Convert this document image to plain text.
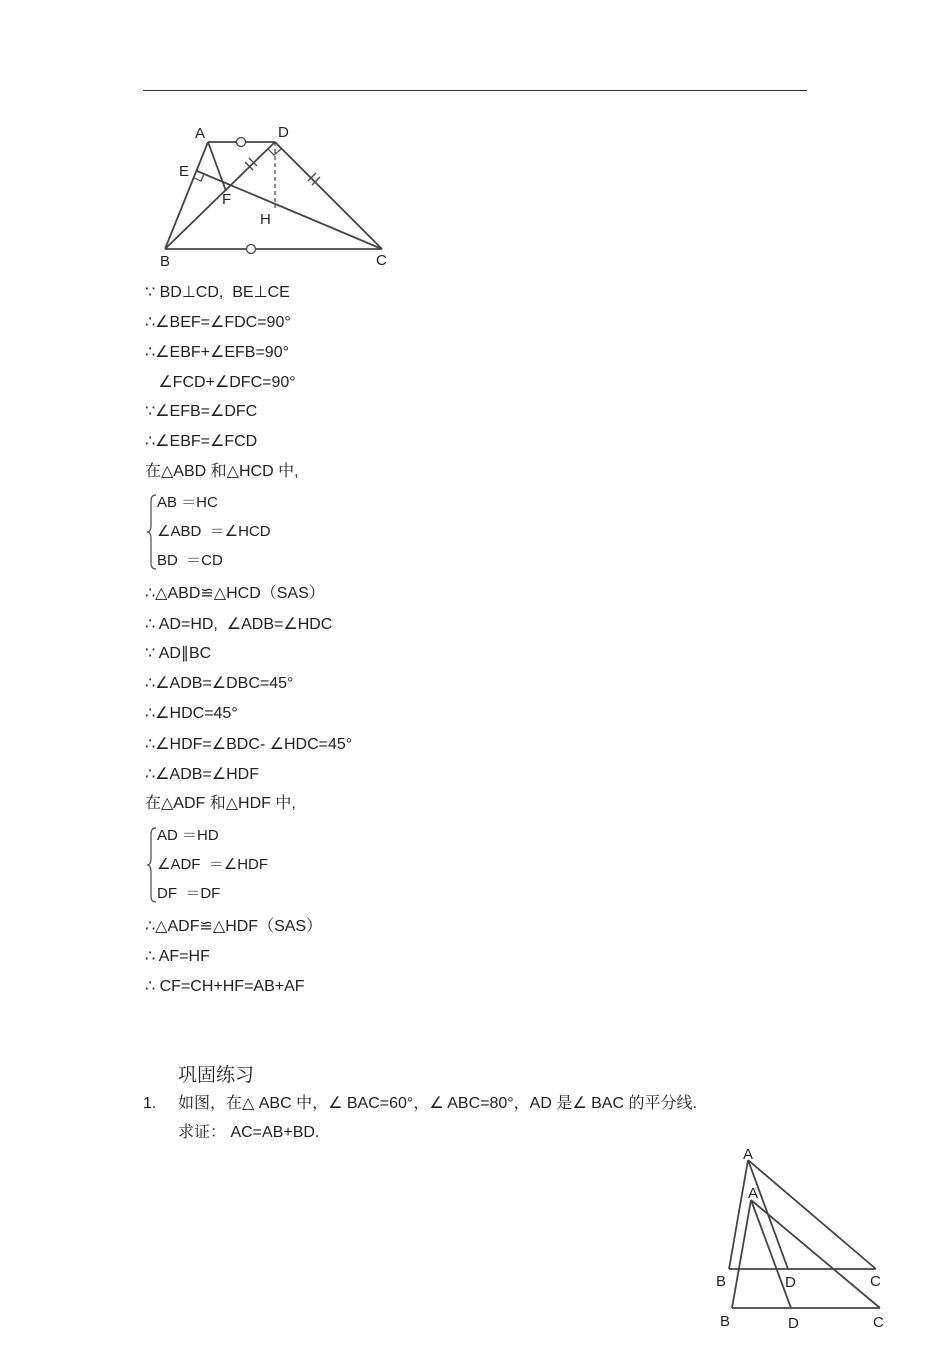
A	D
E
F
H
B	C
∵ BD⊥CD,  BE⊥CE
∴∠BEF=∠FDC=90°
∴∠EBF+∠EFB=90°
∠FCD+∠DFC=90°
∵∠EFB=∠DFC
∴∠EBF=∠FCD
在△ABD 和△HCD 中,
AB ＝HC
∠ABD  ＝∠HCD
BD  ＝CD
∴△ABD≌△HCD（SAS）
∴ AD=HD,  ∠ADB=∠HDC
∵ AD∥BC
∴∠ADB=∠DBC=45°
∴∠HDC=45°
∴∠HDF=∠BDC- ∠HDC=45°
∴∠ADB=∠HDF
在△ADF 和△HDF 中,
AD ＝HD
∠ADF  ＝∠HDF
DF  ＝DF
∴△ADF≌△HDF（SAS）
∴ AF=HF
∴ CF=CH+HF=AB+AF
巩固练习
1. 如图，在△ ABC 中，∠ BAC=60°，∠ ABC=80°，AD 是∠ BAC 的平分线.
求证： AC=AB+BD.
A
A
B	D	C
B	D	C
